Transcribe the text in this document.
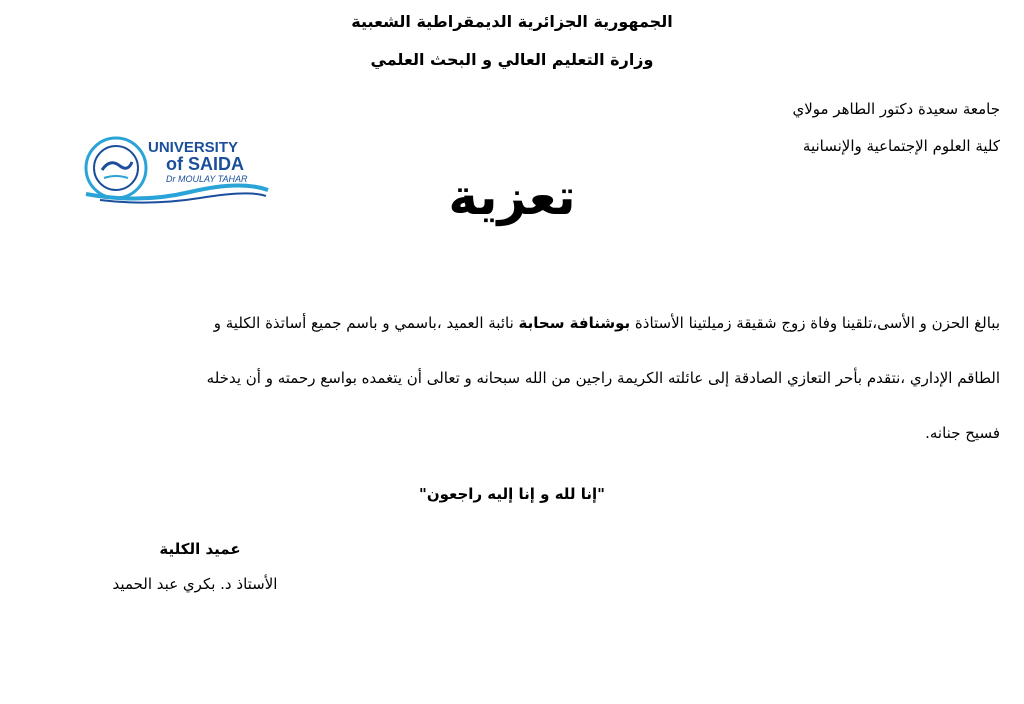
الجمهورية الجزائرية الديمقراطية الشعبية
وزارة التعليم العالي و البحث العلمي
جامعة سعيدة دكتور الطاهر مولاي
كلية العلوم الإجتماعية والإنسانية
UNIVERSITY
of SAIDA
Dr MOULAY TAHAR	تعزية
ببالغ الحزن و الأسى،تلقينا وفاة زوج شقيقة زميلتينا الأستاذة بوشنافة سحابة نائبة العميد ،باسمي و باسم جميع أساتذة الكلية و
الطاقم الإداري ،نتقدم بأحر التعازي الصادقة إلى عائلته الكريمة راجين من الله سبحانه و تعالى أن يتغمده بواسع رحمته و أن يدخله
فسيح جنانه.
"إنا لله و إنا إليه راجعون"
عميد الكلية
الأستاذ د. بكري عبد الحميد
